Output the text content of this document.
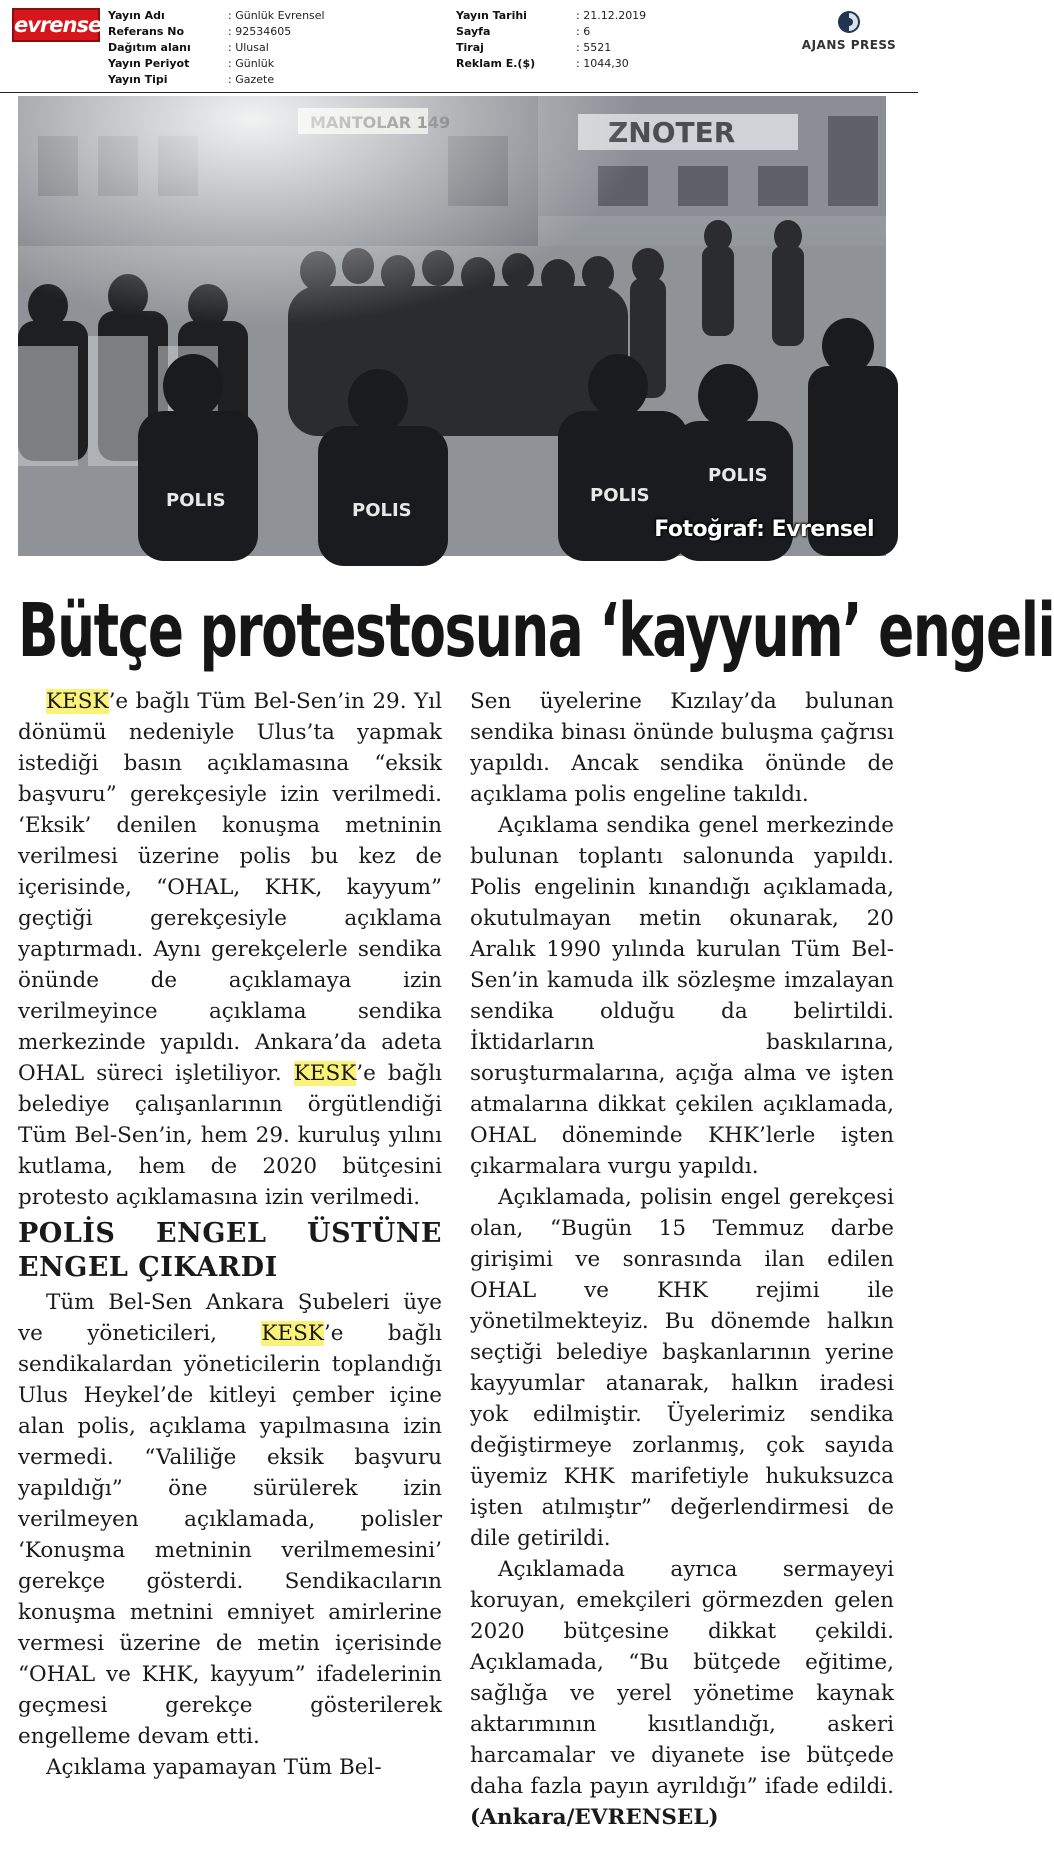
evrensel Yayın Adı	: Günlük Evrensel
Referans No	: 92534605
Dağıtım alanı	: Ulusal
Yayın Periyot	: Günlük
Yayın Tipi	: Gazete
Yayın Tarihi	: 21.12.2019
Sayfa	: 6
Tiraj	: 5521
Reklam E.($)	: 1044,30
AJANS PRESS
Fotoğraf: Evrensel
Bütçe protestosuna ‘kayyum’ engeli

KESK’e bağlı Tüm Bel-Sen’in 29. Yıl dönümü nedeniyle Ulus’ta yapmak istediği basın açıklamasına “eksik başvuru” gerekçesiyle izin verilmedi. ‘Eksik’ denilen konuşma metninin verilmesi üzerine polis bu kez de içerisinde, “OHAL, KHK, kayyum” geçtiği gerekçesiyle açıklama yaptırmadı. Aynı gerekçelerle sendika önünde de açıklamaya izin verilmeyince açıklama sendika merkezinde yapıldı. Ankara’da adeta OHAL süreci işletiliyor. KESK’e bağlı belediye çalışanlarının örgütlendiği Tüm Bel-Sen’in, hem 29. kuruluş yılını kutlama, hem de 2020 bütçesini protesto açıklamasına izin verilmedi.

POLİS ENGEL ÜSTÜNE ENGEL ÇIKARDI

Tüm Bel-Sen Ankara Şubeleri üye ve yöneticileri, KESK’e bağlı sendikalardan yöneticilerin toplandığı Ulus Heykel’de kitleyi çember içine alan polis, açıklama yapılmasına izin vermedi. “Valiliğe eksik başvuru yapıldığı” öne sürülerek izin verilmeyen açıklamada, polisler ‘Konuşma metninin verilmemesini’ gerekçe gösterdi. Sendikacıların konuşma metnini emniyet amirlerine vermesi üzerine de metin içerisinde “OHAL ve KHK, kayyum” ifadelerinin geçmesi gerekçe gösterilerek engelleme devam etti.

Açıklama yapamayan Tüm Bel-

Sen üyelerine Kızılay’da bulunan sendika binası önünde buluşma çağrısı yapıldı. Ancak sendika önünde de açıklama polis engeline takıldı.

Açıklama sendika genel merkezinde bulunan toplantı salonunda yapıldı. Polis engelinin kınandığı açıklamada, okutulmayan metin okunarak, 20 Aralık 1990 yılında kurulan Tüm Bel-Sen’in kamuda ilk sözleşme imzalayan sendika olduğu da belirtildi. İktidarların baskılarına, soruşturmalarına, açığa alma ve işten atmalarına dikkat çekilen açıklamada, OHAL döneminde KHK’lerle işten çıkarmalara vurgu yapıldı.

Açıklamada, polisin engel gerekçesi olan, “Bugün 15 Temmuz darbe girişimi ve sonrasında ilan edilen OHAL ve KHK rejimi ile yönetilmekteyiz. Bu dönemde halkın seçtiği belediye başkanlarının yerine kayyumlar atanarak, halkın iradesi yok edilmiştir. Üyelerimiz sendika değiştirmeye zorlanmış, çok sayıda üyemiz KHK marifetiyle hukuksuzca işten atılmıştır” değerlendirmesi de dile getirildi.

Açıklamada ayrıca sermayeyi koruyan, emekçileri görmezden gelen 2020 bütçesine dikkat çekildi. Açıklamada, “Bu bütçede eğitime, sağlığa ve yerel yönetime kaynak aktarımının kısıtlandığı, askeri harcamalar ve diyanete ise bütçede daha fazla payın ayrıldığı” ifade edildi. (Ankara/EVRENSEL)
